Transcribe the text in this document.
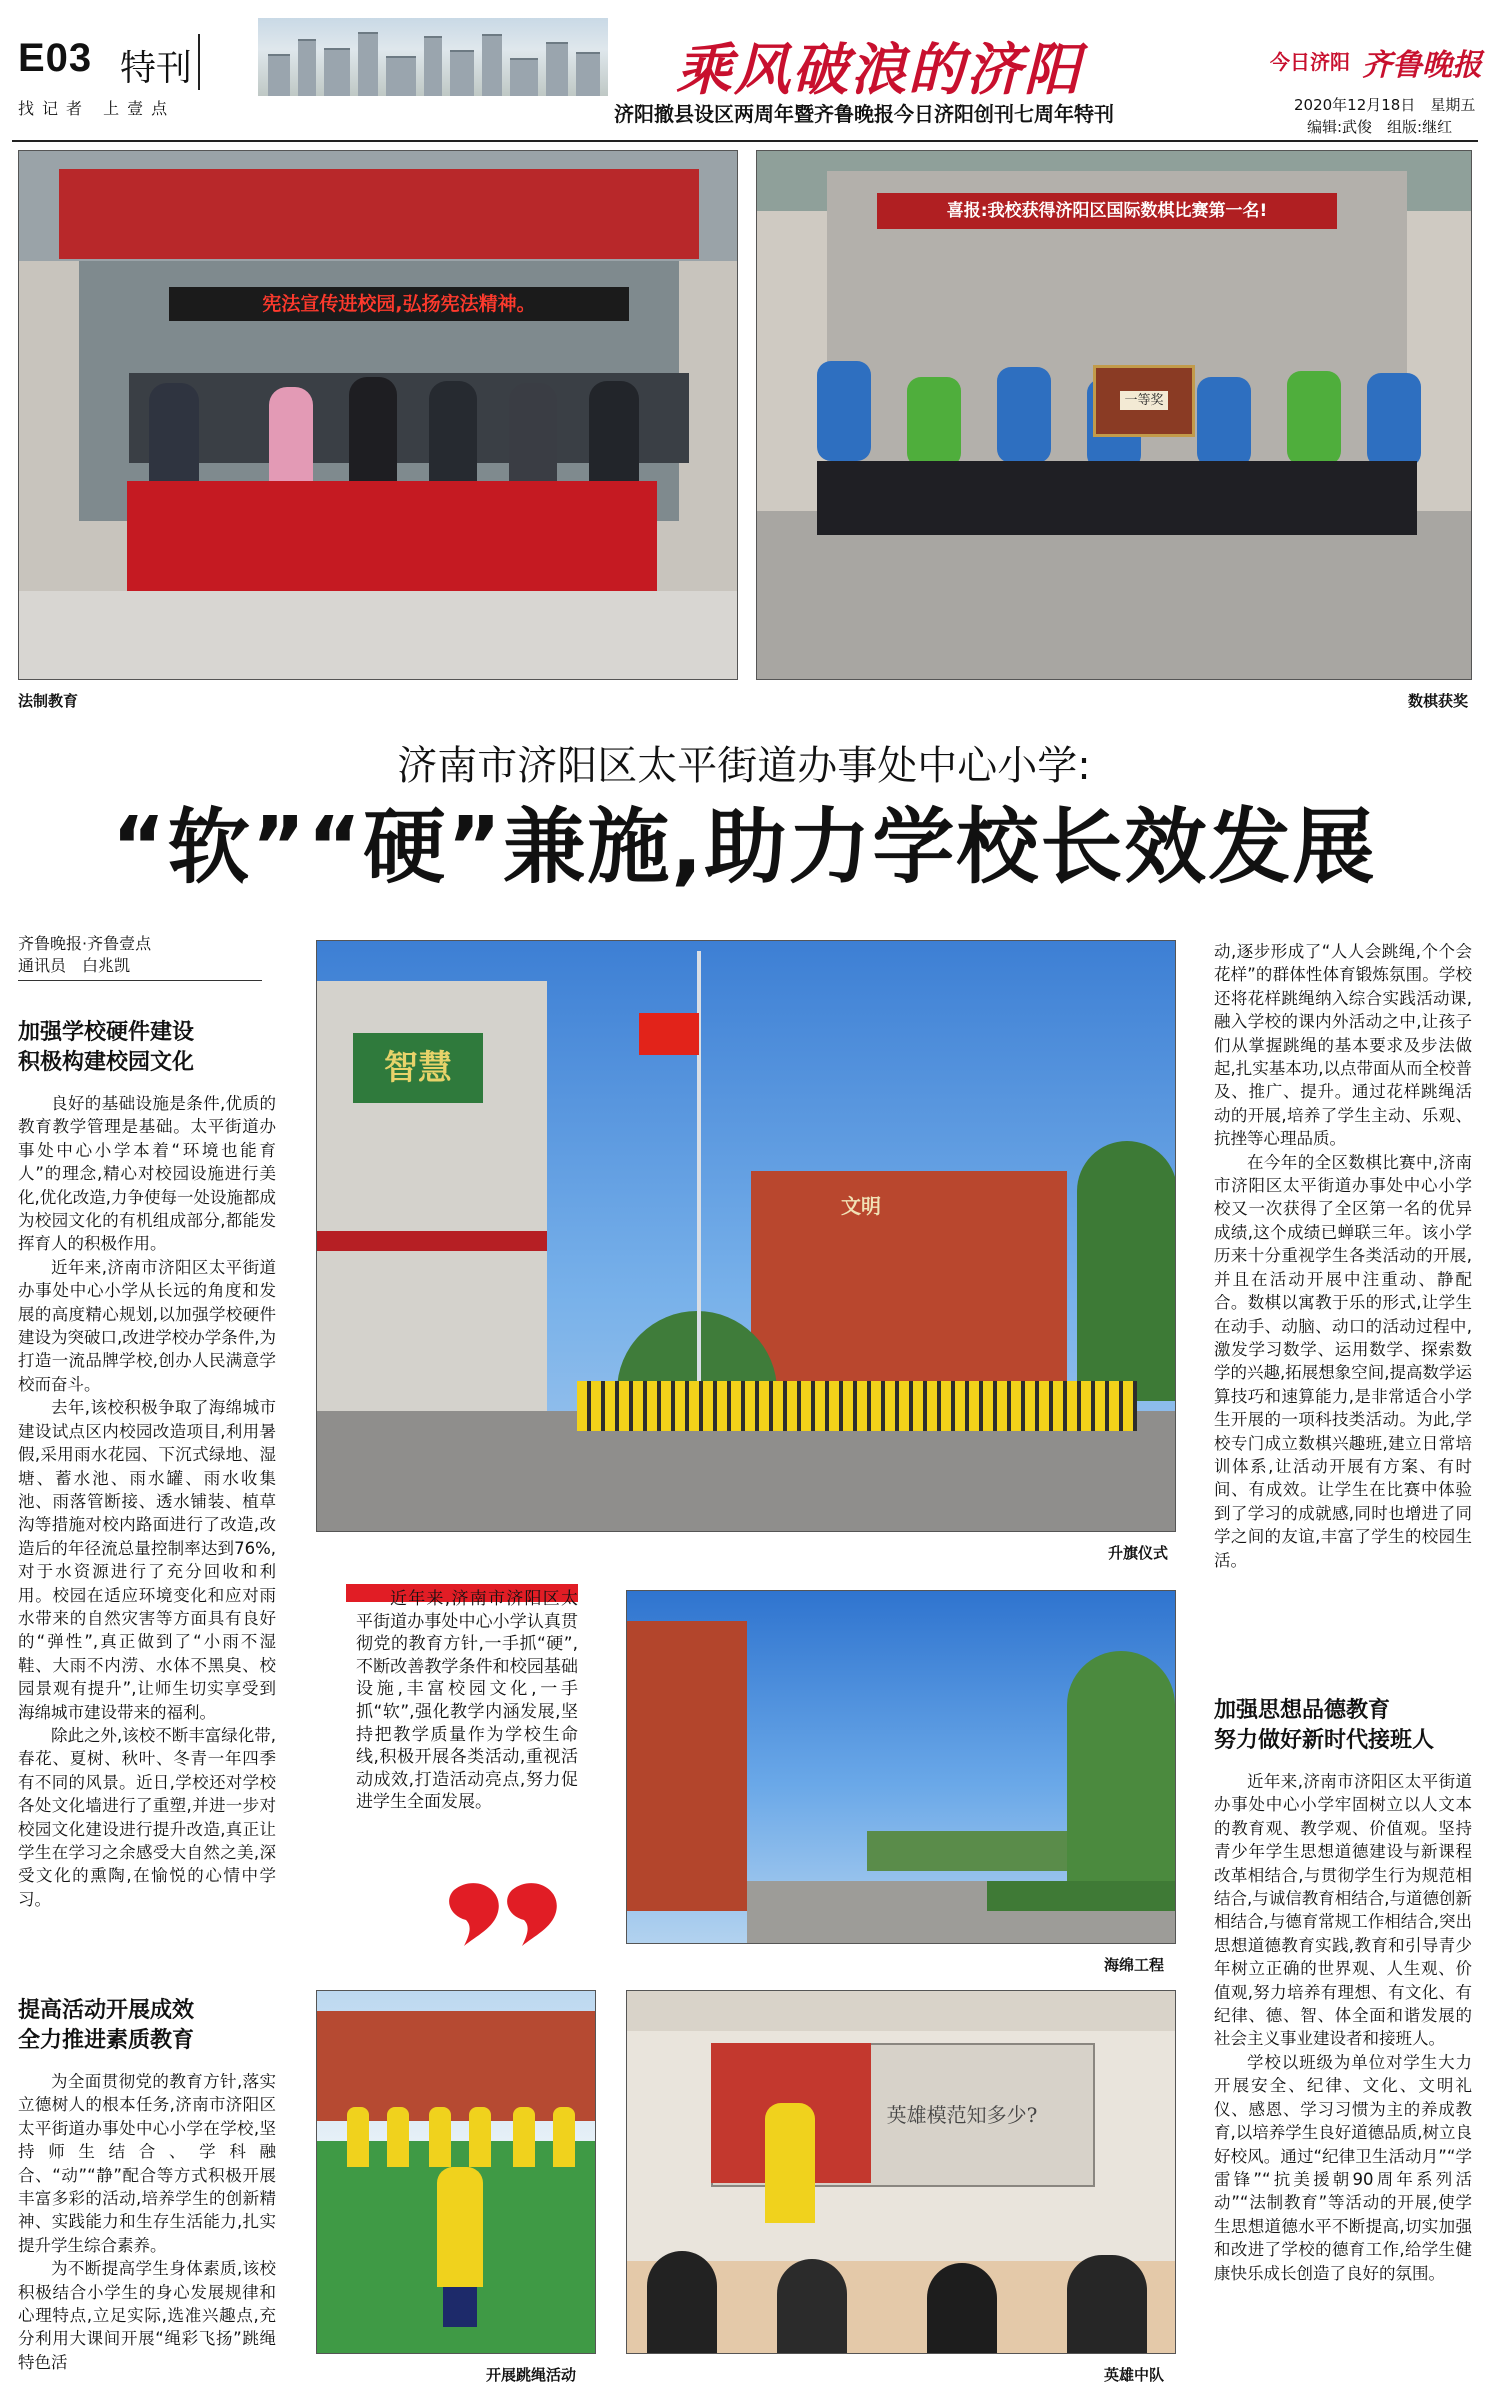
E03 特刊
找记者 上壹点
乘风破浪的济阳
济阳撤县设区两周年暨齐鲁晚报今日济阳创刊七周年特刊
今日济阳 齐鲁晚报
2020年12月18日　星期五
编辑:武俊　组版:继红
宪法宣传进校园,弘扬宪法精神。
法制教育
喜报:我校获得济阳区国际数棋比赛第一名!
一等奖
数棋获奖
济南市济阳区太平街道办事处中心小学:
“软”“硬”兼施,助力学校长效发展
齐鲁晚报·齐鲁壹点
通讯员　白兆凯
加强学校硬件建设
积极构建校园文化

良好的基础设施是条件,优质的教育教学管理是基础。太平街道办事处中心小学本着“环境也能育人”的理念,精心对校园设施进行美化,优化改造,力争使每一处设施都成为校园文化的有机组成部分,都能发挥育人的积极作用。

近年来,济南市济阳区太平街道办事处中心小学从长远的角度和发展的高度精心规划,以加强学校硬件建设为突破口,改进学校办学条件,为打造一流品牌学校,创办人民满意学校而奋斗。

去年,该校积极争取了海绵城市建设试点区内校园改造项目,利用暑假,采用雨水花园、下沉式绿地、湿塘、蓄水池、雨水罐、雨水收集池、雨落管断接、透水铺装、植草沟等措施对校内路面进行了改造,改造后的年径流总量控制率达到76%,对于水资源进行了充分回收和利用。校园在适应环境变化和应对雨水带来的自然灾害等方面具有良好的“弹性”,真正做到了“小雨不湿鞋、大雨不内涝、水体不黑臭、校园景观有提升”,让师生切实享受到海绵城市建设带来的福利。

除此之外,该校不断丰富绿化带,春花、夏树、秋叶、冬青一年四季有不同的风景。近日,学校还对学校各处文化墙进行了重塑,并进一步对校园文化建设进行提升改造,真正让学生在学习之余感受大自然之美,深受文化的熏陶,在愉悦的心情中学习。

提高活动开展成效
全力推进素质教育

为全面贯彻党的教育方针,落实立德树人的根本任务,济南市济阳区太平街道办事处中心小学在学校,坚持师生结合、学科融合、“动”“静”配合等方式积极开展丰富多彩的活动,培养学生的创新精神、实践能力和生存生活能力,扎实提升学生综合素养。

为不断提高学生身体素质,该校积极结合小学生的身心发展规律和心理特点,立足实际,选准兴趣点,充分利用大课间开展“绳彩飞扬”跳绳特色活

智慧
文明
升旗仪式

动,逐步形成了“人人会跳绳,个个会花样”的群体性体育锻炼氛围。学校还将花样跳绳纳入综合实践活动课,融入学校的课内外活动之中,让孩子们从掌握跳绳的基本要求及步法做起,扎实基本功,以点带面从而全校普及、推广、提升。通过花样跳绳活动的开展,培养了学生主动、乐观、抗挫等心理品质。

在今年的全区数棋比赛中,济南市济阳区太平街道办事处中心小学校又一次获得了全区第一名的优异成绩,这个成绩已蝉联三年。该小学历来十分重视学生各类活动的开展,并且在活动开展中注重动、静配合。数棋以寓教于乐的形式,让学生在动手、动脑、动口的活动过程中,激发学习数学、运用数学、探索数学的兴趣,拓展想象空间,提高数学运算技巧和速算能力,是非常适合小学生开展的一项科技类活动。为此,学校专门成立数棋兴趣班,建立日常培训体系,让活动开展有方案、有时间、有成效。让学生在比赛中体验到了学习的成就感,同时也增进了同学之间的友谊,丰富了学生的校园生活。

加强思想品德教育
努力做好新时代接班人

近年来,济南市济阳区太平街道办事处中心小学牢固树立以人文本的教育观、教学观、价值观。坚持青少年学生思想道德建设与新课程改革相结合,与贯彻学生行为规范相结合,与诚信教育相结合,与道德创新相结合,与德育常规工作相结合,突出思想道德教育实践,教育和引导青少年树立正确的世界观、人生观、价值观,努力培养有理想、有文化、有纪律、德、智、体全面和谐发展的社会主义事业建设者和接班人。

学校以班级为单位对学生大力开展安全、纪律、文化、文明礼仪、感恩、学习习惯为主的养成教育,以培养学生良好道德品质,树立良好校风。通过“纪律卫生活动月”“学雷锋”“抗美援朝90周年系列活动”“法制教育”等活动的开展,使学生思想道德水平不断提高,切实加强和改进了学校的德育工作,给学生健康快乐成长创造了良好的氛围。

近年来,济南市济阳区太平街道办事处中心小学认真贯彻党的教育方针,一手抓“硬”,不断改善教学条件和校园基础设施,丰富校园文化,一手抓“软”,强化教学内涵发展,坚持把教学质量作为学校生命线,积极开展各类活动,重视活动成效,打造活动亮点,努力促进学生全面发展。

海绵工程
开展跳绳活动
英雄模范知多少?
英雄中队
